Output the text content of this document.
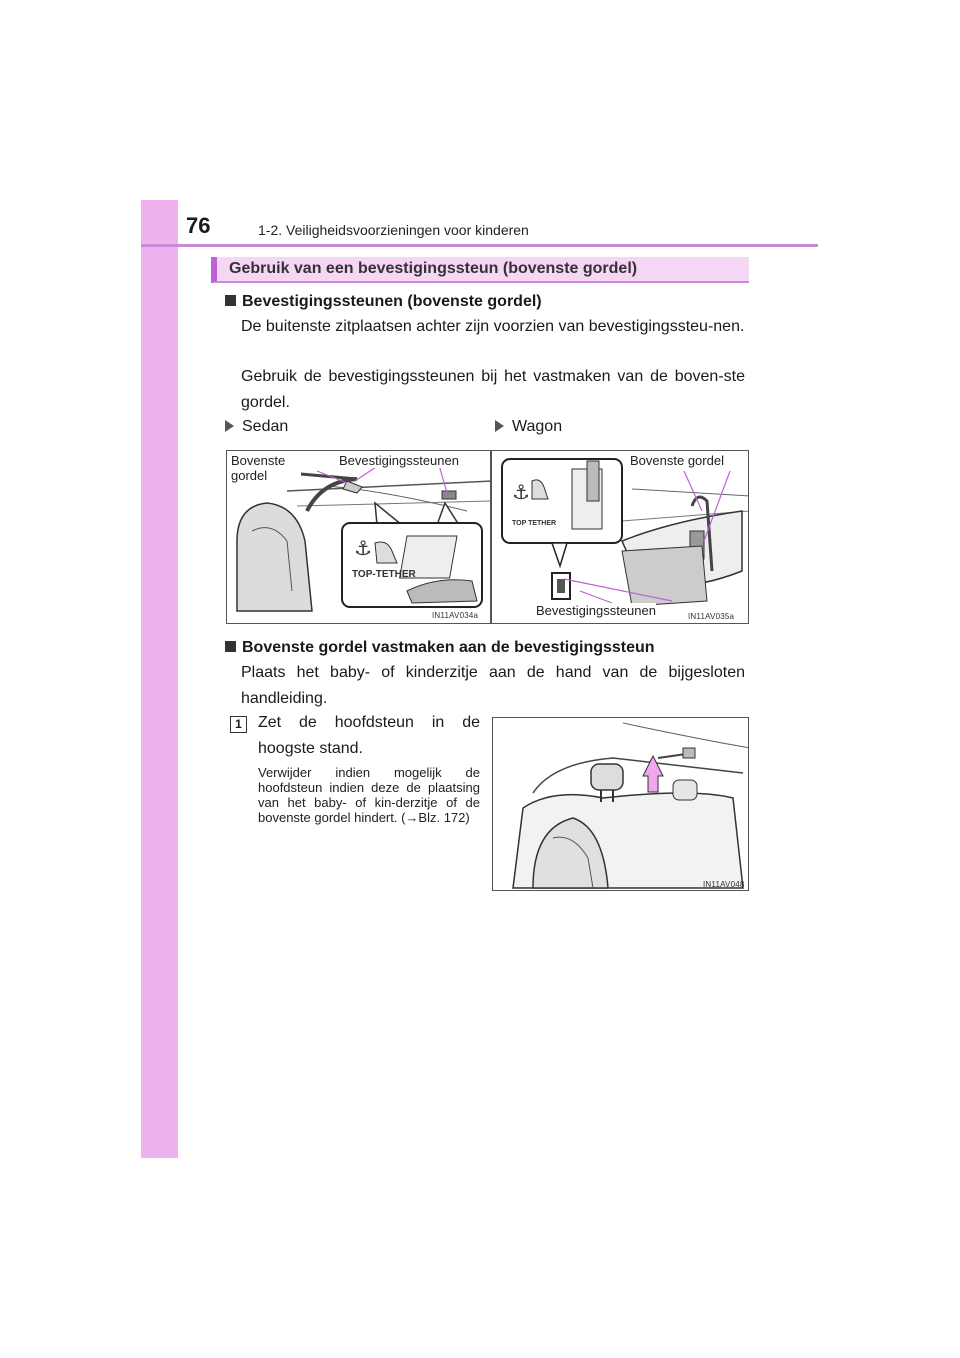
76	1-2. Veiligheidsvoorzieningen voor kinderen
Gebruik van een bevestigingssteun (bovenste gordel)
Bevestigingssteunen (bovenste gordel)
De buitenste zitplaatsen achter zijn voorzien van bevestigingssteu-nen.
Gebruik de bevestigingssteunen bij het vastmaken van de boven-ste gordel.
Sedan	Wagon
⚓
TOP-TETHER
Bovenste gordel
Bevestigingssteunen
IN11AV034a
⚓
TOP TETHER
Bovenste gordel
Bevestigingssteunen	IN11AV035a
Bovenste gordel vastmaken aan de bevestigingssteun
Plaats het baby- of kinderzitje aan de hand van de bijgesloten handleiding.
1	Zet de hoofdsteun in de hoogste stand.
Verwijder indien mogelijk de hoofdsteun indien deze de plaatsing van het baby- of kin-derzitje of de bovenste gordel hindert. (→Blz. 172)
IN11AV048
